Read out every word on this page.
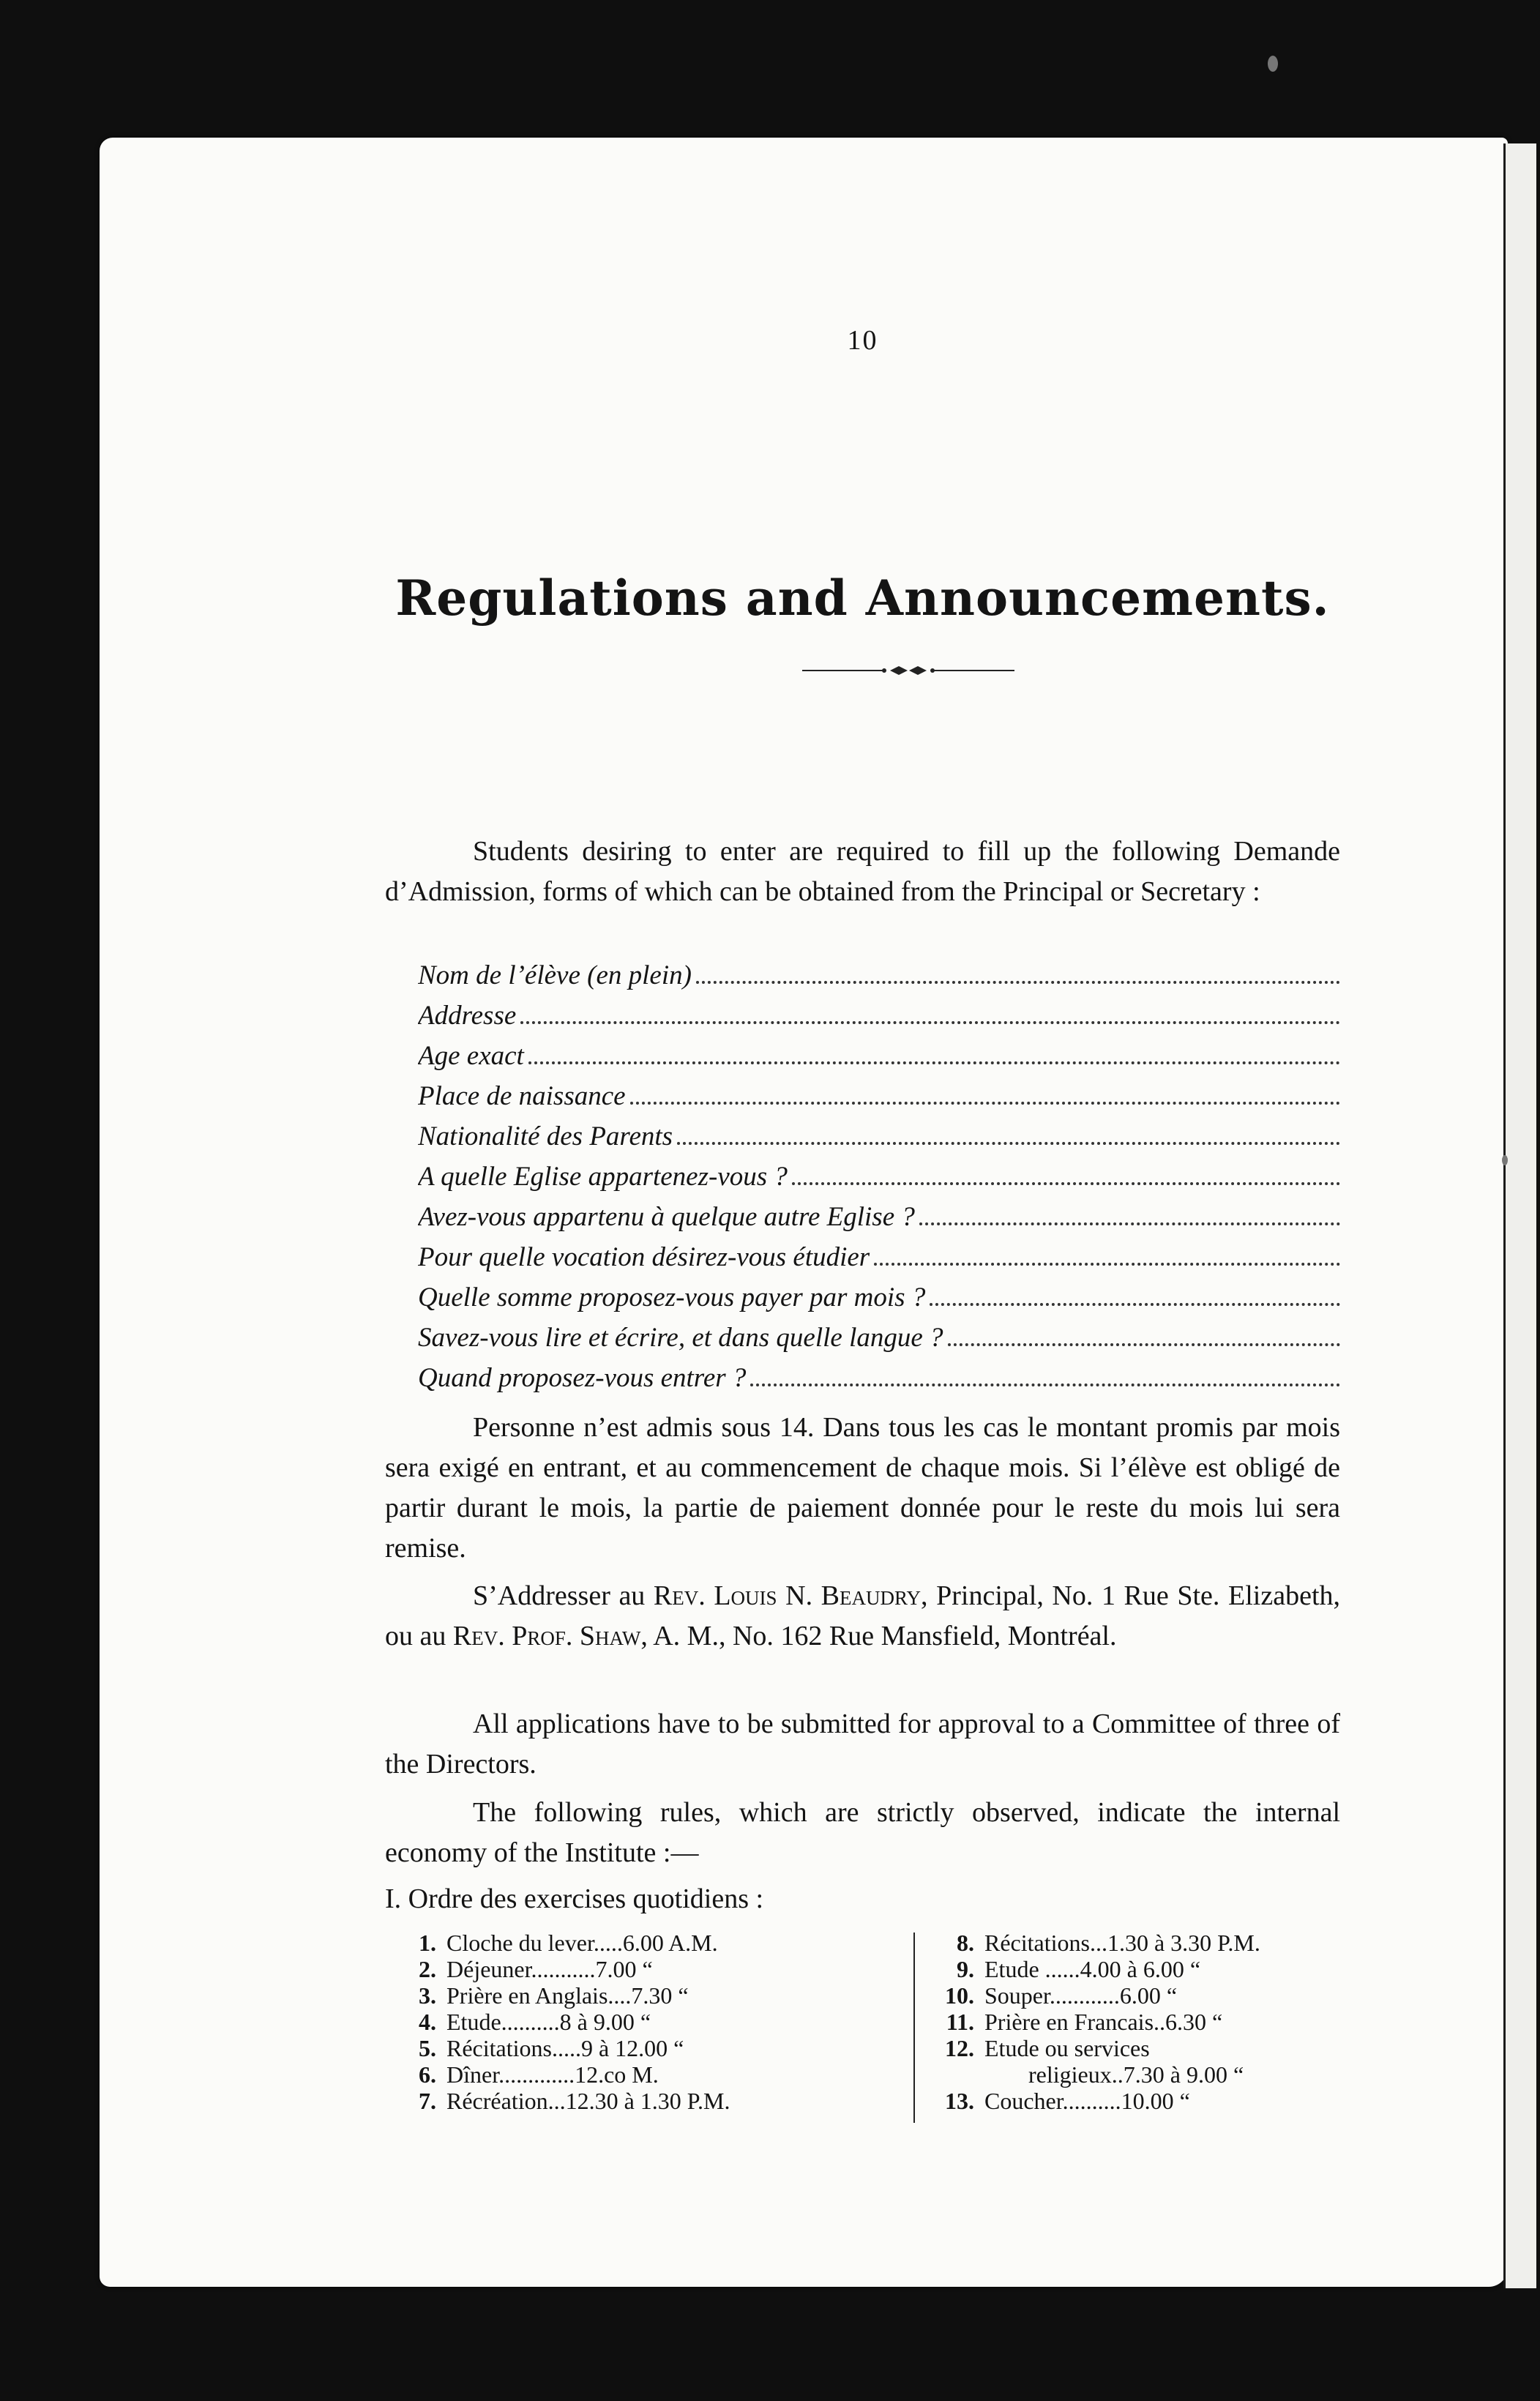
10
Regulations and Announcements.

Students desiring to enter are required to fill up the following Demande d’Admission, forms of which can be obtained from the Principal or Secretary :

Nom de l’élève (en plein)
Addresse
Age exact
Place de naissance
Nationalité des Parents
A quelle Eglise appartenez-vous ?
Avez-vous appartenu à quelque autre Eglise ?
Pour quelle vocation désirez-vous étudier
Quelle somme proposez-vous payer par mois ?
Savez-vous lire et écrire, et dans quelle langue ?
Quand proposez-vous entrer ?

Personne n’est admis sous 14. Dans tous les cas le montant promis par mois sera exigé en entrant, et au commencement de chaque mois. Si l’élève est obligé de partir durant le mois, la partie de paiement donnée pour le reste du mois lui sera remise.

S’Addresser au Rev. Louis N. Beaudry, Principal, No. 1 Rue Ste. Elizabeth, ou au Rev. Prof. Shaw, A. M., No. 162 Rue Mansfield, Montréal.

All applications have to be submitted for approval to a Committee of three of the Directors.

The following rules, which are strictly observed, indicate the internal economy of the Institute :—

I. Ordre des exercises quotidiens :
1. Cloche du lever.....6.00 A.M.
2. Déjeuner...........7.00 “
3. Prière en Anglais....7.30 “
4. Etude..........8 à 9.00 “
5. Récitations.....9 à 12.00 “
6. Dîner.............12.co M.
7. Récréation...12.30 à 1.30 P.M.
8. Récitations...1.30 à 3.30 P.M.
9. Etude ......4.00 à 6.00 “
10. Souper............6.00 “
11. Prière en Francais..6.30 “
12. Etude ou services
religieux..7.30 à 9.00 “
13. Coucher..........10.00 “
